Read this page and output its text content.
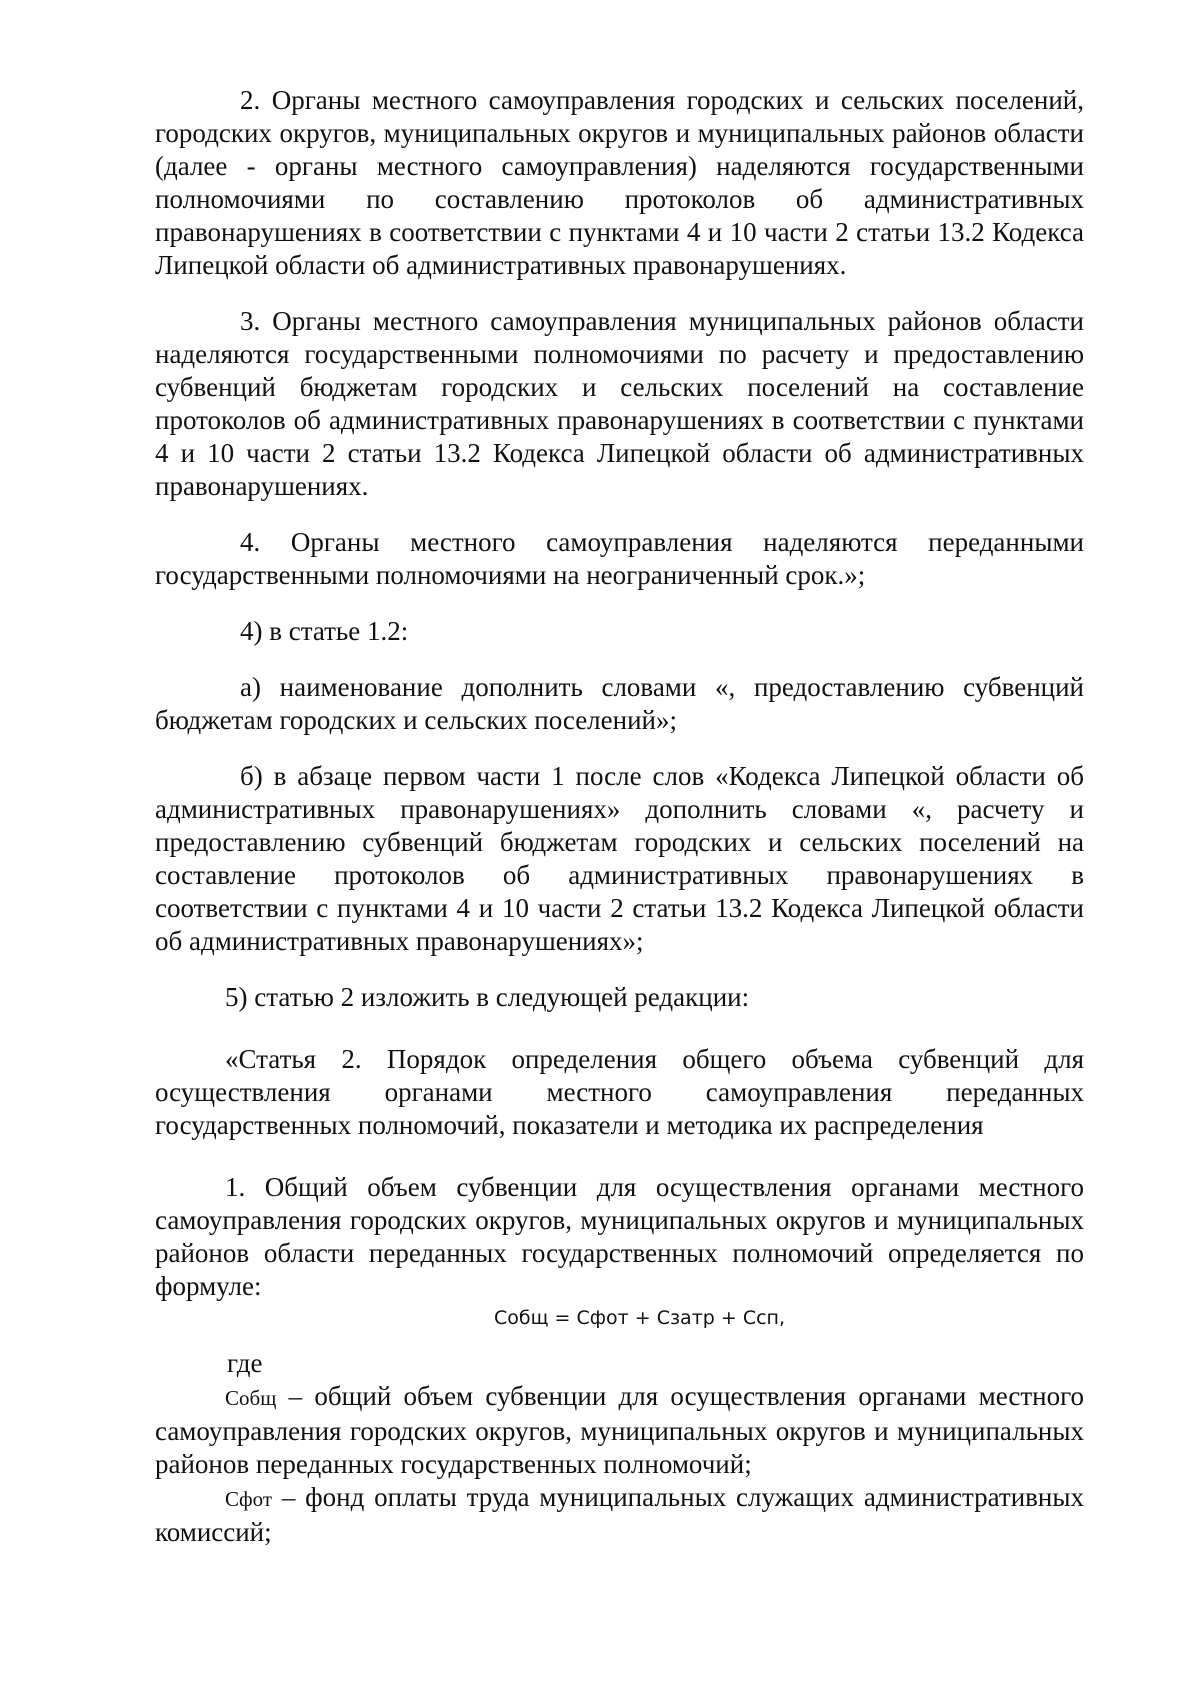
2. Органы местного самоуправления городских и сельских поселений, городских округов, муниципальных округов и муниципальных районов области (далее - органы местного самоуправления) наделяются государственными полномочиями по составлению протоколов об административных правонарушениях в соответствии с пунктами 4 и 10 части 2 статьи 13.2 Кодекса Липецкой области об административных правонарушениях.

3. Органы местного самоуправления муниципальных районов области наделяются государственными полномочиями по расчету и предоставлению субвенций бюджетам городских и сельских поселений на составление протоколов об административных правонарушениях в соответствии с пунктами 4 и 10 части 2 статьи 13.2 Кодекса Липецкой области об административных правонарушениях.

4. Органы местного самоуправления наделяются переданными государственными полномочиями на неограниченный срок.»;

4) в статье 1.2:

а) наименование дополнить словами «, предоставлению субвенций бюджетам городских и сельских поселений»;

б) в абзаце первом части 1 после слов «Кодекса Липецкой области об административных правонарушениях» дополнить словами «, расчету и предоставлению субвенций бюджетам городских и сельских поселений на составление протоколов об административных правонарушениях в соответствии с пунктами 4 и 10 части 2 статьи 13.2 Кодекса Липецкой области об административных правонарушениях»;

5) статью 2 изложить в следующей редакции:

«Статья 2. Порядок определения общего объема субвенций для осуществления органами местного самоуправления переданных государственных полномочий, показатели и методика их распределения

1. Общий объем субвенции для осуществления органами местного самоуправления городских округов, муниципальных округов и муниципальных районов области переданных государственных полномочий определяется по формуле:

Собщ = Сфот + Сзатр + Сcп,

где

Собщ – общий объем субвенции для осуществления органами местного самоуправления городских округов, муниципальных округов и муниципальных районов переданных государственных полномочий;

Сфот – фонд оплаты труда муниципальных служащих административных комиссий;
